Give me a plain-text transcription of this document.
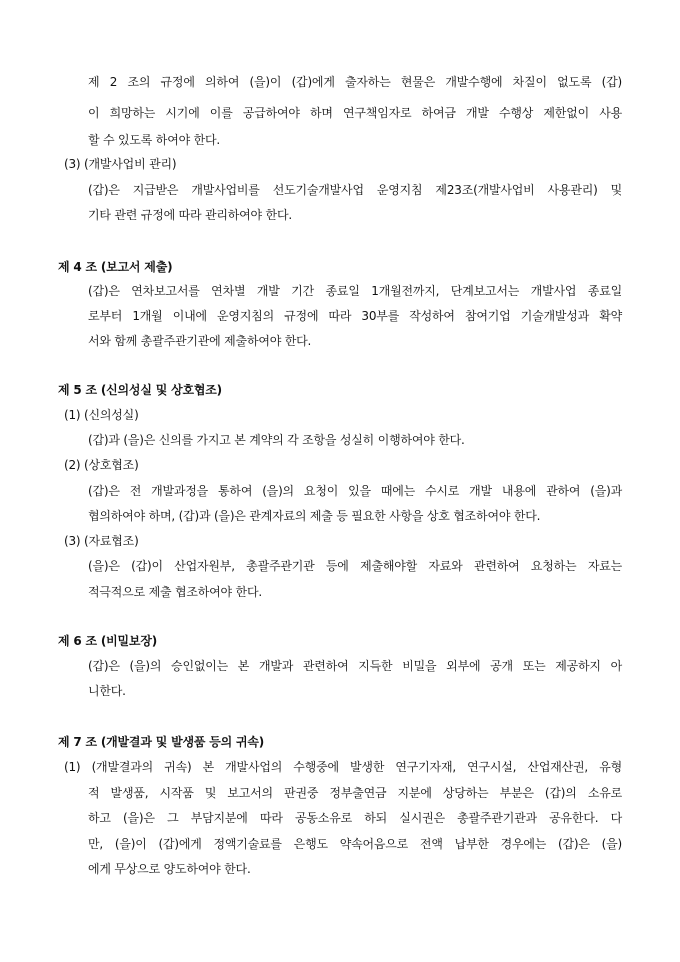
제 2 조의 규정에 의하여 (을)이 (갑)에게 출자하는 현물은 개발수행에 차질이 없도록 (갑)
이 희망하는 시기에 이를 공급하여야 하며 연구책임자로 하여금 개발 수행상 제한없이 사용
할 수 있도록 하여야 한다.
(3) (개발사업비 관리)
(갑)은 지급받은 개발사업비를 선도기술개발사업 운영지침 제23조(개발사업비 사용관리) 및
기타 관련 규정에 따라 관리하여야 한다.
제 4 조 (보고서 제출)
(갑)은 연차보고서를 연차별 개발 기간 종료일 1개월전까지, 단계보고서는 개발사업 종료일
로부터 1개월 이내에 운영지침의 규정에 따라 30부를 작성하여 참여기업 기술개발성과 확약
서와 함께 총괄주관기관에 제출하여야 한다.
제 5 조 (신의성실 및 상호협조)
(1) (신의성실)
(갑)과 (을)은 신의를 가지고 본 계약의 각 조항을 성실히 이행하여야 한다.
(2) (상호협조)
(갑)은 전 개발과정을 통하여 (을)의 요청이 있을 때에는 수시로 개발 내용에 관하여 (을)과
협의하여야 하며, (갑)과 (을)은 관계자료의 제출 등 필요한 사항을 상호 협조하여야 한다.
(3) (자료협조)
(을)은 (갑)이 산업자원부, 총괄주관기관 등에 제출해야할 자료와 관련하여 요청하는 자료는
적극적으로 제출 협조하여야 한다.
제 6 조 (비밀보장)
(갑)은 (을)의 승인없이는 본 개발과 관련하여 지득한 비밀을 외부에 공개 또는 제공하지 아
니한다.
제 7 조 (개발결과 및 발생품 등의 귀속)
(1) (개발결과의 귀속) 본 개발사업의 수행중에 발생한 연구기자재, 연구시설, 산업재산권, 유형
적 발생품, 시작품 및 보고서의 판권중 정부출연금 지분에 상당하는 부분은 (갑)의 소유로
하고 (을)은 그 부담지분에 따라 공동소유로 하되 실시권은 총괄주관기관과 공유한다. 다
만, (을)이 (갑)에게 정액기술료를 은행도 약속어음으로 전액 납부한 경우에는 (갑)은 (을)
에게 무상으로 양도하여야 한다.
